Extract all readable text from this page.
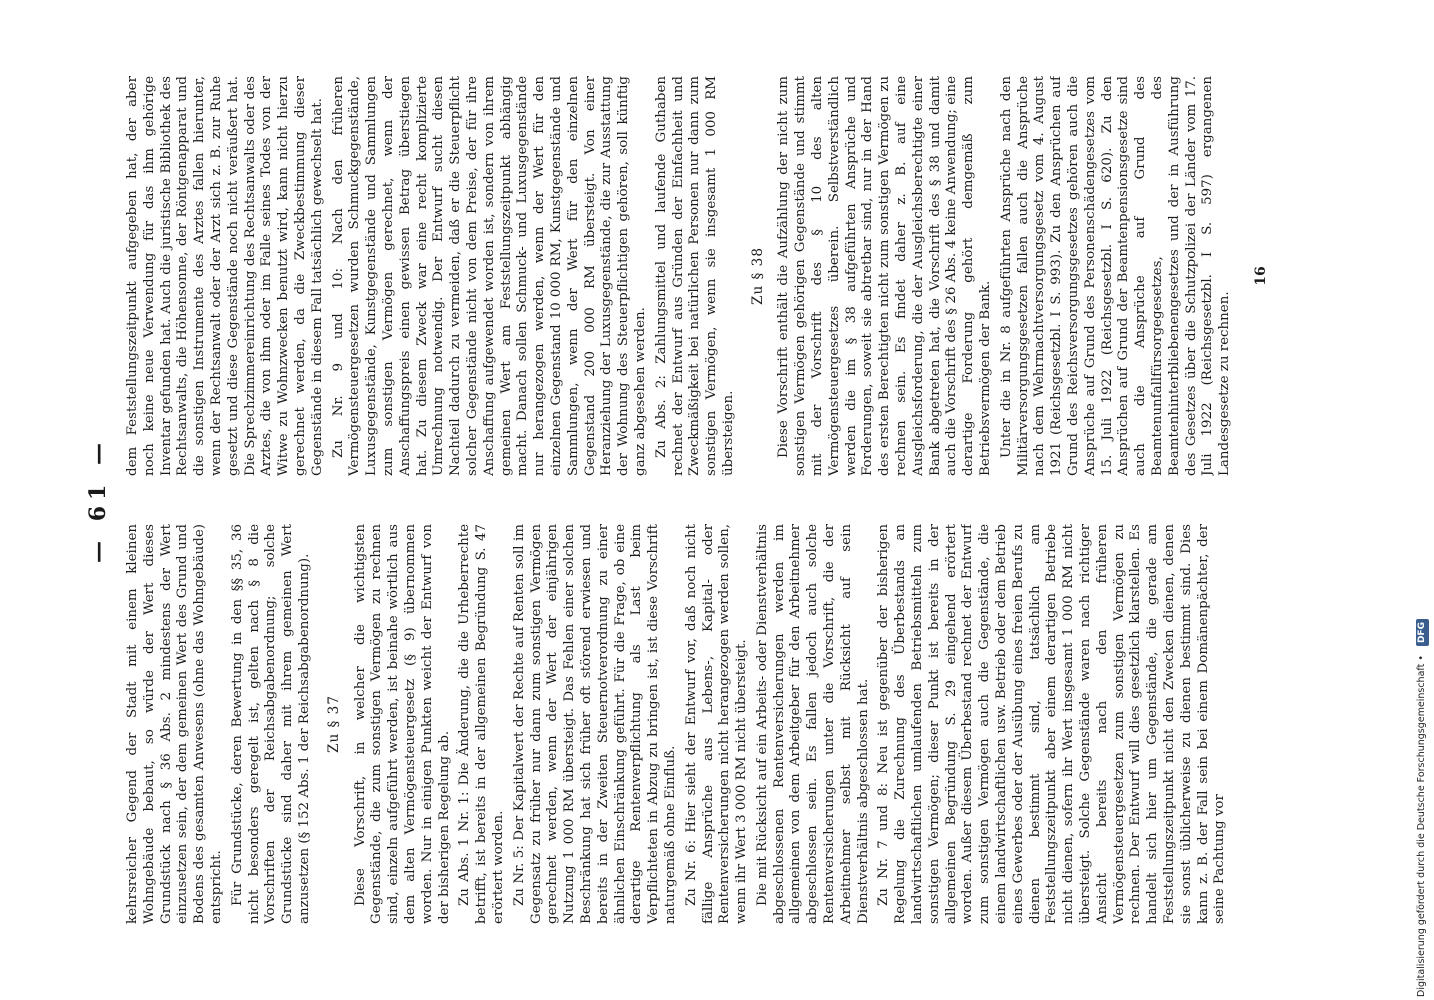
— 61 —

kehrsreicher Gegend der Stadt mit einem kleinen Wohngebäude bebaut, so würde der Wert dieses Grundstück nach § 36 Abs. 2 mindestens der Wert einzusetzen sein, der dem gemeinen Wert des Grund und Bodens des gesamten Anwesens (ohne das Wohngebäude) entspricht. Für Grundstücke, deren Bewertung in den §§ 35, 36 nicht besonders geregelt ist, gelten nach § 8 die Vorschriften der Reichsabgabenordnung; solche Grundstücke sind daher mit ihrem gemeinen Wert anzusetzen (§ 152 Abs. 1 der Reichsabgabenordnung). Zu § 37 Diese Vorschrift, in welcher die wichtigsten Gegenstände, die zum sonstigen Vermögen zu rechnen sind, einzeln aufgeführt werden, ist beinahe wörtlich aus dem alten Vermögensteuergesetz (§ 9) übernommen worden. Nur in einigen Punkten weicht der Entwurf von der bisherigen Regelung ab. Zu Abs. 1 Nr. 1: Die Änderung, die die Urheberrechte betrifft, ist bereits in der allgemeinen Begründung S. 47 erörtert worden. Zu Nr. 5: Der Kapitalwert der Rechte auf Renten soll im Gegensatz zu früher nur dann zum sonstigen Vermögen gerechnet werden, wenn der Wert der einjährigen Nutzung 1 000 RM übersteigt. Das Fehlen einer solchen Beschränkung hat sich früher oft störend erwiesen und bereits in der Zweiten Steuernotverordnung zu einer ähnlichen Einschränkung geführt. Für die Frage, ob eine derartige Rentenverpflichtung als Last beim Verpflichteten in Abzug zu bringen ist, ist diese Vorschrift naturgemäß ohne Einfluß. Zu Nr. 6: Hier sieht der Entwurf vor, daß noch nicht fällige Ansprüche aus Lebens-, Kapital- oder Rentenversicherungen nicht herangezogen werden sollen, wenn ihr Wert 3 000 RM nicht übersteigt. Die mit Rücksicht auf ein Arbeits- oder Dienstverhältnis abgeschlossenen Rentenversicherungen werden im allgemeinen von dem Arbeitgeber für den Arbeitnehmer abgeschlossen sein. Es fallen jedoch auch solche Rentenversicherungen unter die Vorschrift, die der Arbeitnehmer selbst mit Rücksicht auf sein Dienstverhältnis abgeschlossen hat. Zu Nr. 7 und 8: Neu ist gegenüber der bisherigen Regelung die Zurechnung des Überbestands an landwirtschaftlichen umlaufenden Betriebsmitteln zum sonstigen Vermögen; dieser Punkt ist bereits in der allgemeinen Begründung S. 29 eingehend erörtert worden. Außer diesem Überbestand rechnet der Entwurf zum sonstigen Vermögen auch die Gegenstände, die einem landwirtschaftlichen usw. Betrieb oder dem Betrieb eines Gewerbes oder der Ausübung eines freien Berufs zu dienen bestimmt sind, tatsächlich am Feststellungszeitpunkt aber einem derartigen Betriebe nicht dienen, sofern ihr Wert insgesamt 1 000 RM nicht übersteigt. Solche Gegenstände waren nach richtiger Ansicht bereits nach den früheren Vermögensteuergesetzen zum sonstigen Vermögen zu rechnen. Der Entwurf will dies gesetzlich klarstellen. Es handelt sich hier um Gegenstände, die gerade am Feststellungszeitpunkt nicht den Zwecken dienen, denen sie sonst üblicherweise zu dienen bestimmt sind. Dies kann z. B. der Fall sein bei einem Domänenpächter, der seine Pachtung vor

dem Feststellungszeitpunkt aufgegeben hat, der aber noch keine neue Verwendung für das ihm gehörige Inventar gefunden hat. Auch die juristische Bibliothek des Rechtsanwalts, die Höhensonne, der Röntgenapparat und die sonstigen Instrumente des Arztes fallen hierunter, wenn der Rechtsanwalt oder der Arzt sich z. B. zur Ruhe gesetzt und diese Gegenstände noch nicht veräußert hat. Die Sprechzimmereinrichtung des Rechtsanwalts oder des Arztes, die von ihm oder im Falle seines Todes von der Witwe zu Wohnzwecken benutzt wird, kann nicht hierzu gerechnet werden, da die Zweckbestimmung dieser Gegenstände in diesem Fall tatsächlich gewechselt hat. Zu Nr. 9 und 10: Nach den früheren Vermögensteuergesetzen wurden Schmuckgegenstände, Luxusgegenstände, Kunstgegenstände und Sammlungen zum sonstigen Vermögen gerechnet, wenn der Anschaffungspreis einen gewissen Betrag überstiegen hat. Zu diesem Zweck war eine recht komplizierte Umrechnung notwendig. Der Entwurf sucht diesen Nachteil dadurch zu vermeiden, daß er die Steuerpflicht solcher Gegenstände nicht von dem Preise, der für ihre Anschaffung aufgewendet worden ist, sondern von ihrem gemeinen Wert am Feststellungszeitpunkt abhängig macht. Danach sollen Schmuck- und Luxusgegenstände nur herangezogen werden, wenn der Wert für den einzelnen Gegenstand 10 000 RM, Kunstgegenstände und Sammlungen, wenn der Wert für den einzelnen Gegenstand 200 000 RM übersteigt. Von einer Heranziehung der Luxusgegenstände, die zur Ausstattung der Wohnung des Steuerpflichtigen gehören, soll künftig ganz abgesehen werden. Zu Abs. 2: Zahlungsmittel und laufende Guthaben rechnet der Entwurf aus Gründen der Einfachheit und Zweckmäßigkeit bei natürlichen Personen nur dann zum sonstigen Vermögen, wenn sie insgesamt 1 000 RM übersteigen.

Zu § 38 Diese Vorschrift enthält die Aufzählung der nicht zum sonstigen Vermögen gehörigen Gegenstände und stimmt mit der Vorschrift des § 10 des alten Vermögensteuergesetzes überein. Selbstverständlich werden die im § 38 aufgeführten Ansprüche und Forderungen, soweit sie abtretbar sind, nur in der Hand des ersten Berechtigten nicht zum sonstigen Vermögen zu rechnen sein. Es findet daher z. B. auf eine Ausgleichsforderung, die der Ausgleichsberechtigte einer Bank abgetreten hat, die Vorschrift des § 38 und damit auch die Vorschrift des § 26 Abs. 4 keine Anwendung; eine derartige Forderung gehört demgemäß zum Betriebsvermögen der Bank. Unter die in Nr. 8 aufgeführten Ansprüche nach den Militärversorgungsgesetzen fallen auch die Ansprüche nach dem Wehrmachtversorgungsgesetz vom 4. August 1921 (Reichsgesetzbl. I S. 993). Zu den Ansprüchen auf Grund des Reichsversorgungsgesetzes gehören auch die Ansprüche auf Grund des Personenschädengesetzes vom 15. Juli 1922 (Reichsgesetzbl. I S. 620). Zu den Ansprüchen auf Grund der Beamtenpensionsgesetze sind auch die Ansprüche auf Grund des Beamtenunfallfürsorgegesetzes, des Beamtenhinterbliebenengesetzes und der in Ausführung des Gesetzes über die Schutzpolizei der Länder vom 17. Juli 1922 (Reichsgesetzbl. I S. 597) ergangenen Landesgesetze zu rechnen.

16
Digitalisierung gefördert durch die Deutsche Forschungsgemeinschaft • DFG
